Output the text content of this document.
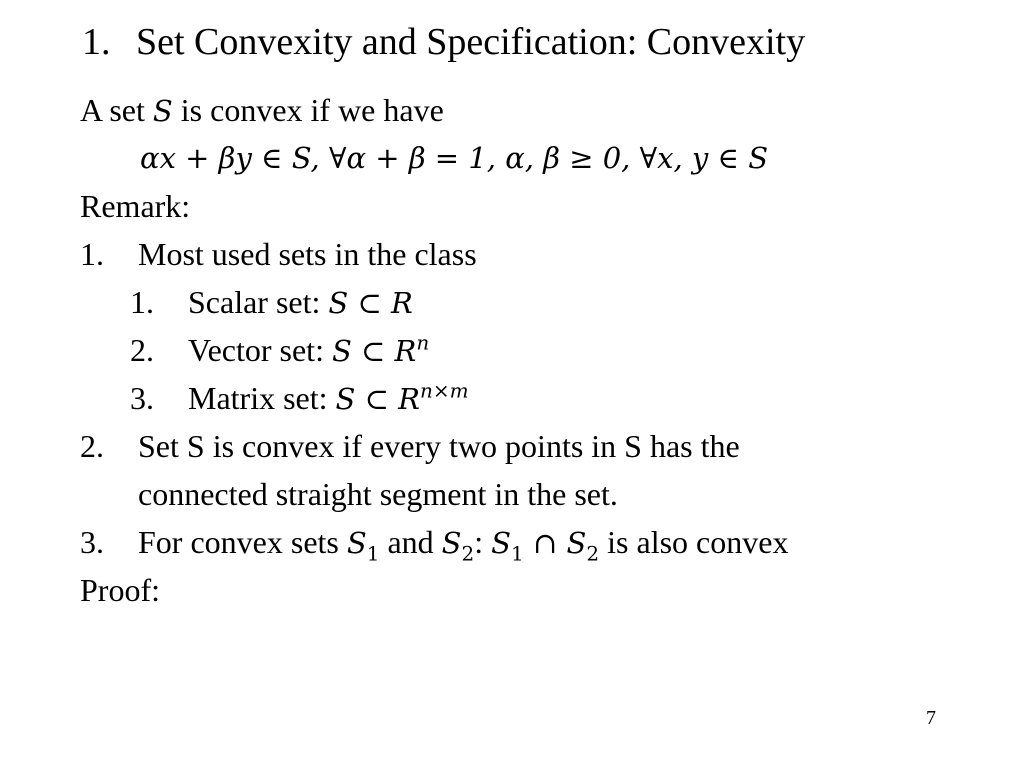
1. Set Convexity and Specification: Convexity
A set S is convex if we have
αx + βy ∈ S, ∀α + β = 1, α, β ≥ 0, ∀x, y ∈ S
Remark:
1. Most used sets in the class
1. Scalar set: S ⊂ R
2. Vector set: S ⊂ $R^n$
3. Matrix set: S ⊂ $R^{n\times m}$
2. Set S is convex if every two points in S has the
connected straight segment in the set.
3. For convex sets $S_1$ and $S_2$: $S_1$ ∩ $S_2$ is also convex
Proof:
7
